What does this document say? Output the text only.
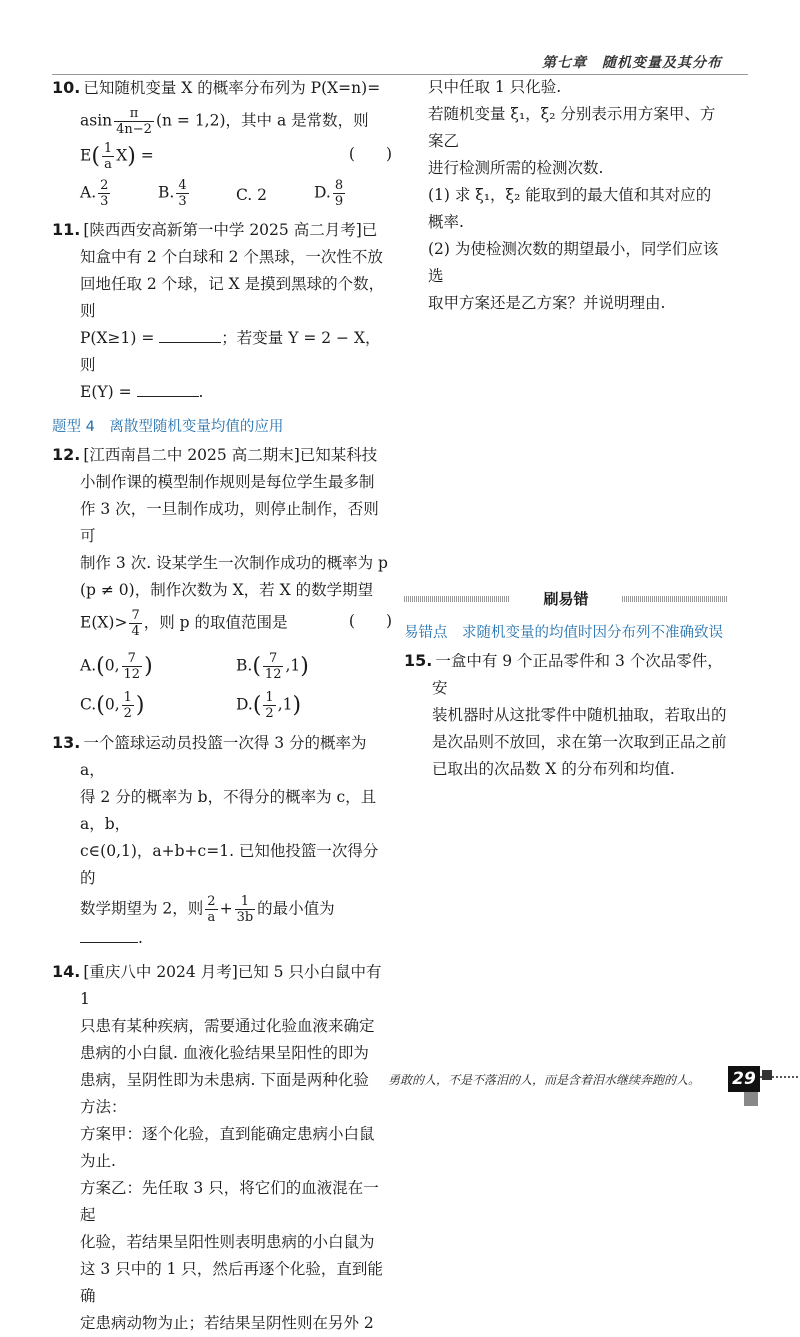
第七章　随机变量及其分布

10. 已知随机变量 X 的概率分布列为 P(X=n)=

asin $\frac{\pi}{4n-2} (n = 1,2)$，其中 a 是常数，则

$E( \frac{1}{a} X)$ =	(　　)

A. $\frac{2}{3}$	B. $\frac{4}{3}$	C. 2	D. $\frac{8}{9}$

11. [陕西西安高新第一中学 2025 高二月考]已

知盒中有 2 个白球和 2 个黑球，一次性不放

回地任取 2 个球，记 X 是摸到黑球的个数，则

P(X≥1) =	；若变量 Y = 2 − X，则

E(Y) =	.

题型 4　离散型随机变量均值的应用

12. [江西南昌二中 2025 高二期末]已知某科技

小制作课的模型制作规则是每位学生最多制

作 3 次，一旦制作成功，则停止制作，否则可

制作 3 次. 设某学生一次制作成功的概率为 p

(p ≠ 0)，制作次数为 X，若 X 的数学期望

$E(X)> \frac{7}{4}$ ，则 p 的取值范围是	(　　)

A.(0, $\frac{7}{12}$ )	$B.( \frac{7}{12} ,1)$
C.(0, $\frac{1}{2}$ )	$D.( \frac{1}{2} ,1)$

13. 一个篮球运动员投篮一次得 3 分的概率为 a，

得 2 分的概率为 b，不得分的概率为 c，且 a，b，

c∈(0,1)，a+b+c=1. 已知他投篮一次得分的

数学期望为 2，则 $\frac{2}{a} + \frac{1}{3b}$ 的最小值为.

14. [重庆八中 2024 月考]已知 5 只小白鼠中有 1

只患有某种疾病，需要通过化验血液来确定

患病的小白鼠. 血液化验结果呈阳性的即为

患病，呈阴性即为未患病. 下面是两种化验

方法：

方案甲：逐个化验，直到能确定患病小白鼠

为止.

方案乙：先任取 3 只，将它们的血液混在一起

化验，若结果呈阳性则表明患病的小白鼠为

这 3 只中的 1 只，然后再逐个化验，直到能确

定患病动物为止；若结果呈阴性则在另外 2

只中任取 1 只化验.

若随机变量 ξ₁，ξ₂ 分别表示用方案甲、方案乙

进行检测所需的检测次数.

(1) 求 ξ₁，ξ₂ 能取到的最大值和其对应的

概率.

(2) 为使检测次数的期望最小，同学们应该选

取甲方案还是乙方案？并说明理由.

刷易错

易错点　求随机变量的均值时因分布列不准确致误

15. 一盒中有 9 个正品零件和 3 个次品零件，安

装机器时从这批零件中随机抽取，若取出的

是次品则不放回，求在第一次取到正品之前

已取出的次品数 X 的分布列和均值.

勇敢的人，不是不落泪的人，而是含着泪水继续奔跑的人。 29
